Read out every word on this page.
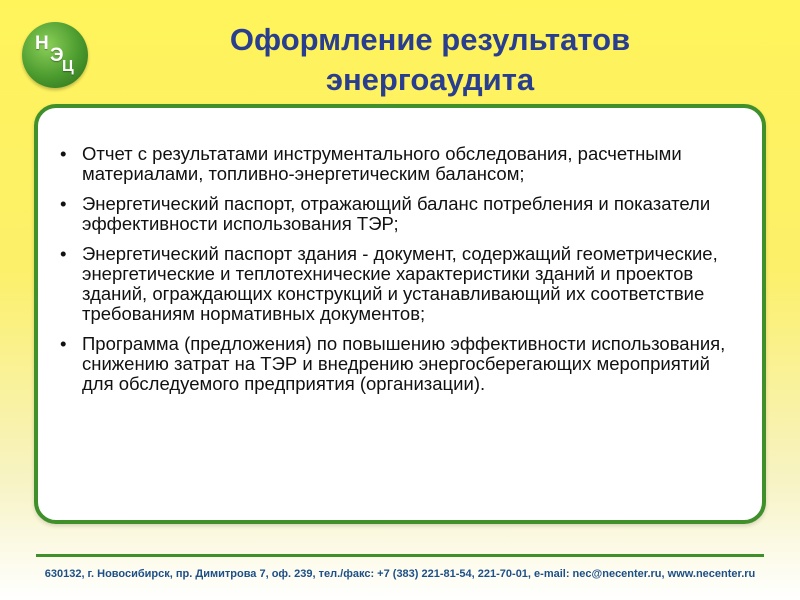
Н
Э
Ц
Оформление результатов
энергоаудита
• Отчет с результатами инструментального обследования, расчетными материалами, топливно-энергетическим балансом;
• Энергетический паспорт, отражающий баланс потребления и показатели эффективности использования ТЭР;
• Энергетический паспорт здания - документ, содержащий геометрические, энергетические и теплотехнические характеристики зданий и проектов зданий, ограждающих конструкций и устанавливающий их соответствие требованиям нормативных документов;
• Программа (предложения) по повышению эффективности использования, снижению затрат на ТЭР и внедрению энергосберегающих мероприятий для обследуемого предприятия (организации).
630132, г. Новосибирск, пр. Димитрова 7, оф. 239, тел./факс: +7 (383) 221-81-54, 221-70-01, e-mail: nec@necenter.ru, www.necenter.ru
